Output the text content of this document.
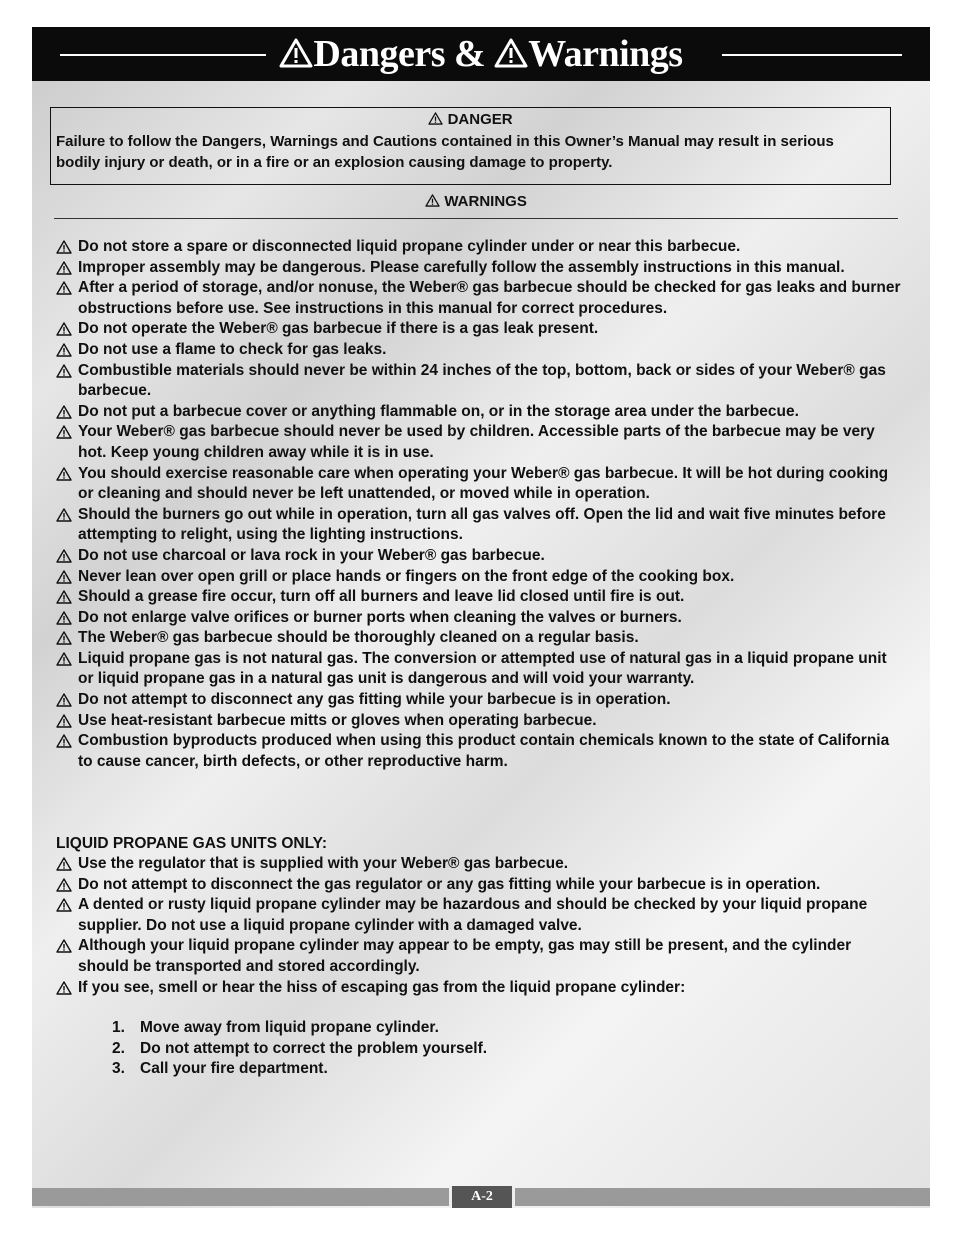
Dangers & Warnings
DANGER
Failure to follow the Dangers, Warnings and Cautions contained in this Owner’s Manual may result in serious bodily injury or death, or in a fire or an explosion causing damage to property.
WARNINGS
Do not store a spare or disconnected liquid propane cylinder under or near this barbecue.
Improper assembly may be dangerous. Please carefully follow the assembly instructions in this manual.
After a period of storage, and/or nonuse, the Weber® gas barbecue should be checked for gas leaks and burner obstructions before use. See instructions in this manual for correct procedures.
Do not operate the Weber® gas barbecue if there is a gas leak present.
Do not use a flame to check for gas leaks.
Combustible materials should never be within 24 inches of the top, bottom, back or sides of your Weber® gas barbecue.
Do not put a barbecue cover or anything flammable on, or in the storage area under the barbecue.
Your Weber® gas barbecue should never be used by children. Accessible parts of the barbecue may be very hot. Keep young children away while it is in use.
You should exercise reasonable care when operating your Weber® gas barbecue. It will be hot during cooking or cleaning and should never be left unattended, or moved while in operation.
Should the burners go out while in operation, turn all gas valves off. Open the lid and wait five minutes before attempting to relight, using the lighting instructions.
Do not use charcoal or lava rock in your Weber® gas barbecue.
Never lean over open grill or place hands or fingers on the front edge of the cooking box.
Should a grease fire occur, turn off all burners and leave lid closed until fire is out.
Do not enlarge valve orifices or burner ports when cleaning the valves or burners.
The Weber® gas barbecue should be thoroughly cleaned on a regular basis.
Liquid propane gas is not natural gas. The conversion or attempted use of natural gas in a liquid propane unit or liquid propane gas in a natural gas unit is dangerous and will void your warranty.
Do not attempt to disconnect any gas fitting while your barbecue is in operation.
Use heat-resistant barbecue mitts or gloves when operating barbecue.
Combustion byproducts produced when using this product contain chemicals known to the state of California to cause cancer, birth defects, or other reproductive harm.
LIQUID PROPANE GAS UNITS ONLY:
Use the regulator that is supplied with your Weber® gas barbecue.
Do not attempt to disconnect the gas regulator or any gas fitting while your barbecue is in operation.
A dented or rusty liquid propane cylinder may be hazardous and should be checked by your liquid propane supplier. Do not use a liquid propane cylinder with a damaged valve.
Although your liquid propane cylinder may appear to be empty, gas may still be present, and the cylinder should be transported and stored accordingly.
If you see, smell or hear the hiss of escaping gas from the liquid propane cylinder:
1. Move away from liquid propane cylinder.
2. Do not attempt to correct the problem yourself.
3. Call your fire department.
A-2
